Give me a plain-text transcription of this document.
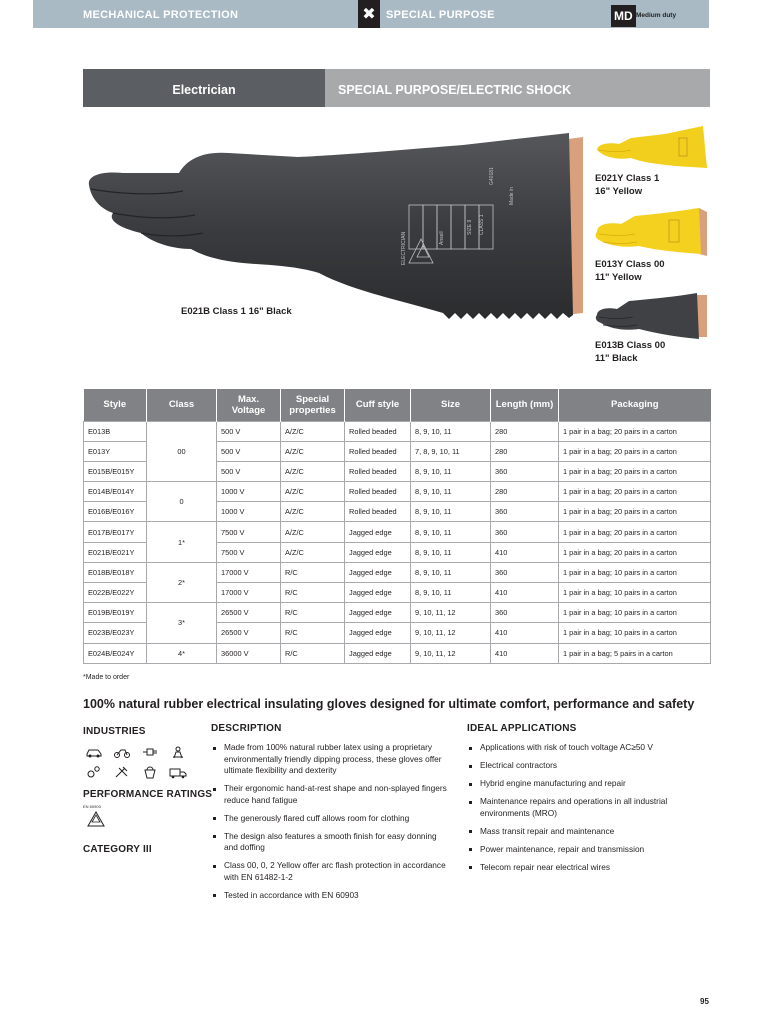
MECHANICAL PROTECTION	✖ SPECIAL PURPOSE	MD Medium duty
Electrician	SPECIAL PURPOSE/ELECTRIC SHOCK
ELECTRICIAN	Ansell
SIZE 9 CLASS 1
G40181
Made in
E021B Class 1 16" Black
E021Y Class 1
16" Yellow
E013Y Class 00
11" Yellow
E013B Class 00
11" Black
Style	Class	Max. Voltage	Special properties	Cuff style	Size	Length (mm)	Packaging
E013B	00	500 V	A/Z/C	Rolled beaded	8, 9, 10, 11	280	1 pair in a bag; 20 pairs in a carton
E013Y		500 V	A/Z/C	Rolled beaded	7, 8, 9, 10, 11	280	1 pair in a bag; 20 pairs in a carton
E015B/E015Y		500 V	A/Z/C	Rolled beaded	8, 9, 10, 11	360	1 pair in a bag; 20 pairs in a carton
E014B/E014Y	0	1000 V	A/Z/C	Rolled beaded	8, 9, 10, 11	280	1 pair in a bag; 20 pairs in a carton
E016B/E016Y		1000 V	A/Z/C	Rolled beaded	8, 9, 10, 11	360	1 pair in a bag; 20 pairs in a carton
E017B/E017Y	1*	7500 V	A/Z/C	Jagged edge	8, 9, 10, 11	360	1 pair in a bag; 20 pairs in a carton
E021B/E021Y		7500 V	A/Z/C	Jagged edge	8, 9, 10, 11	410	1 pair in a bag; 20 pairs in a carton
E018B/E018Y	2*	17000 V	R/C	Jagged edge	8, 9, 10, 11	360	1 pair in a bag; 10 pairs in a carton
E022B/E022Y		17000 V	R/C	Jagged edge	8, 9, 10, 11	410	1 pair in a bag; 10 pairs in a carton
E019B/E019Y	3*	26500 V	R/C	Jagged edge	9, 10, 11, 12	360	1 pair in a bag; 10 pairs in a carton
E023B/E023Y		26500 V	R/C	Jagged edge	9, 10, 11, 12	410	1 pair in a bag; 10 pairs in a carton
E024B/E024Y	4*	36000 V	R/C	Jagged edge	9, 10, 11, 12	410	1 pair in a bag; 5 pairs in a carton
*Made to order
100% natural rubber electrical insulating gloves designed for ultimate comfort, performance and safety
INDUSTRIES
PERFORMANCE RATINGS
EN 60903
CATEGORY III
DESCRIPTION
Made from 100% natural rubber latex using a proprietary environmentally friendly dipping process, these gloves offer ultimate flexibility and dexterity
Their ergonomic hand-at-rest shape and non-splayed fingers reduce hand fatigue
The generously flared cuff allows room for clothing
The design also features a smooth finish for easy donning and doffing
Class 00, 0, 2 Yellow offer arc flash protection in accordance with EN 61482-1-2
Tested in accordance with EN 60903
IDEAL APPLICATIONS
Applications with risk of touch voltage AC≥50 V
Electrical contractors
Hybrid engine manufacturing and repair
Maintenance repairs and operations in all industrial environments (MRO)
Mass transit repair and maintenance
Power maintenance, repair and transmission
Telecom repair near electrical wires
95
